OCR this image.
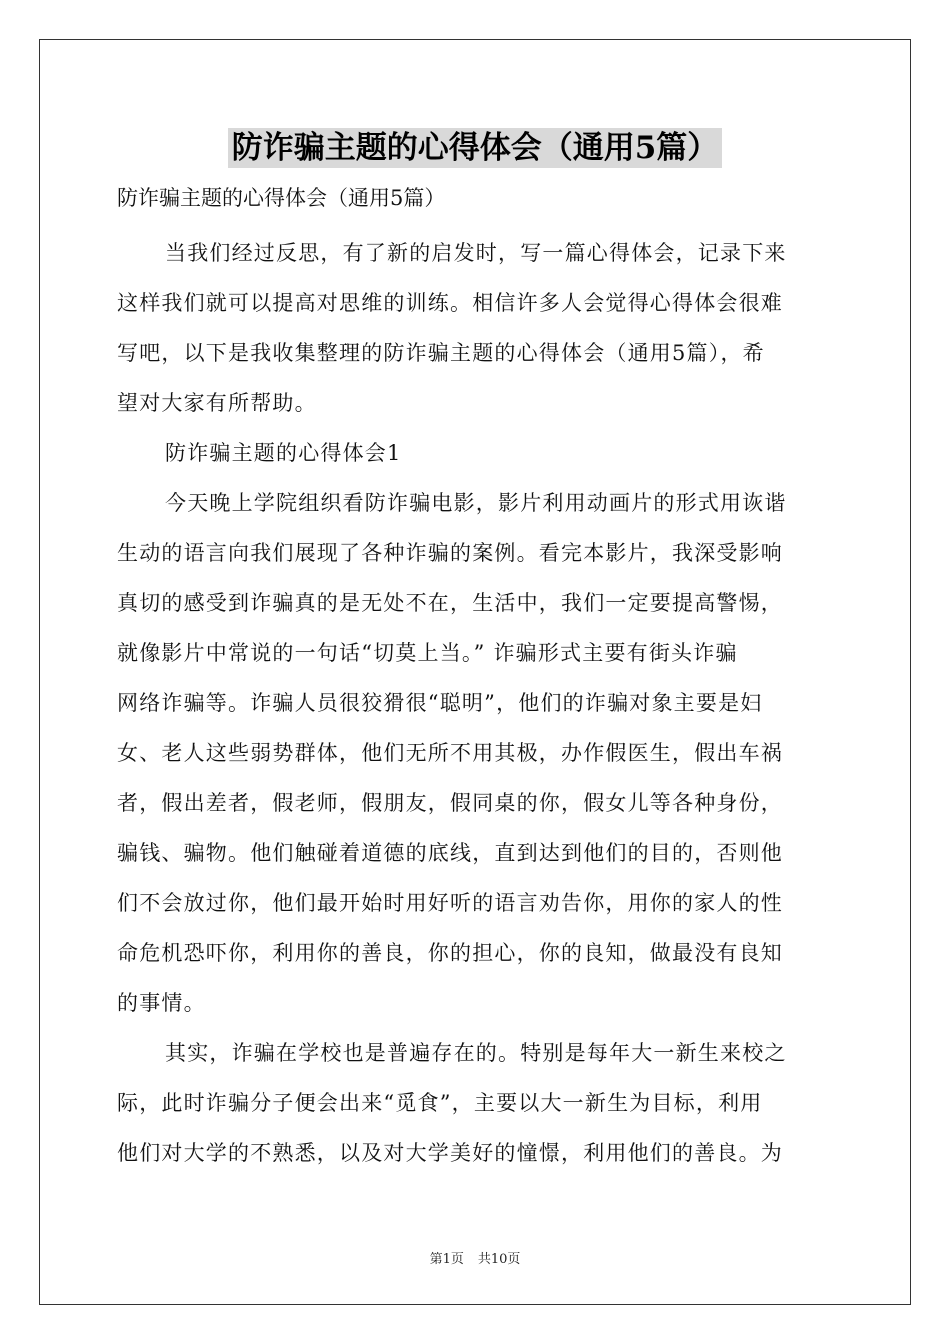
防诈骗主题的心得体会（通用5篇）
防诈骗主题的心得体会（通用5篇）
当我们经过反思，有了新的启发时，写一篇心得体会，记录下来
这样我们就可以提高对思维的训练。相信许多人会觉得心得体会很难
写吧，以下是我收集整理的防诈骗主题的心得体会（通用5篇），希
望对大家有所帮助。
防诈骗主题的心得体会1
今天晚上学院组织看防诈骗电影，影片利用动画片的形式用诙谐
生动的语言向我们展现了各种诈骗的案例。看完本影片，我深受影响
真切的感受到诈骗真的是无处不在，生活中，我们一定要提高警惕，
就像影片中常说的一句话“切莫上当。” 诈骗形式主要有街头诈骗
网络诈骗等。诈骗人员很狡猾很“聪明”，他们的诈骗对象主要是妇
女、老人这些弱势群体，他们无所不用其极，办作假医生，假出车祸
者，假出差者，假老师，假朋友，假同桌的你，假女儿等各种身份，
骗钱、骗物。他们触碰着道德的底线，直到达到他们的目的，否则他
们不会放过你，他们最开始时用好听的语言劝告你，用你的家人的性
命危机恐吓你，利用你的善良，你的担心，你的良知，做最没有良知
的事情。
其实，诈骗在学校也是普遍存在的。特别是每年大一新生来校之
际，此时诈骗分子便会出来“觅食”，主要以大一新生为目标，利用
他们对大学的不熟悉，以及对大学美好的憧憬，利用他们的善良。为
第1页 共10页
